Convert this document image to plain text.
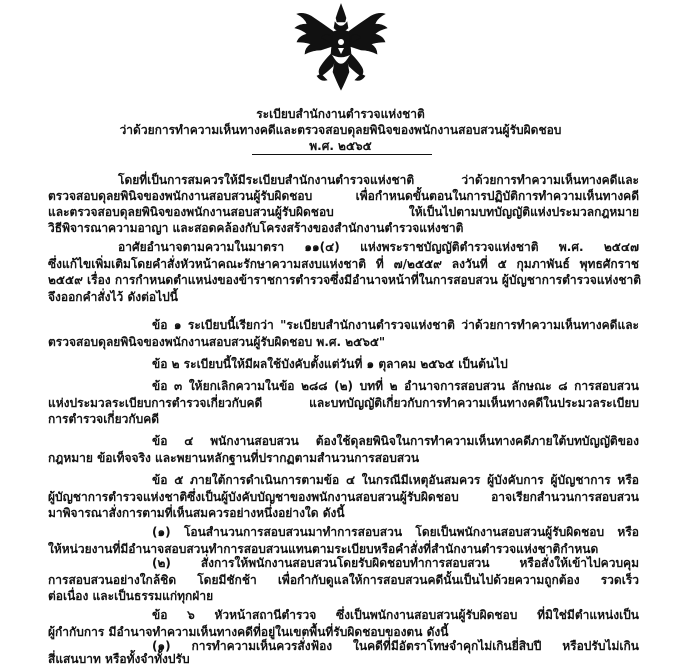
ระเบียบสำนักงานตำรวจแห่งชาติ
ว่าด้วยการทำความเห็นทางคดีและตรวจสอบดุลยพินิจของพนักงานสอบสวนผู้รับผิดชอบ
พ.ศ. ๒๕๖๕
โดยที่เป็นการสมควรให้มีระเบียบสำนักงานตำรวจแห่งชาติ ว่าด้วยการทำความเห็นทางคดีและ
ตรวจสอบดุลยพินิจของพนักงานสอบสวนผู้รับผิดชอบ เพื่อกำหนดขั้นตอนในการปฏิบัติการทำความเห็นทางคดี
และตรวจสอบดุลยพินิจของพนักงานสอบสวนผู้รับผิดชอบ ให้เป็นไปตามบทบัญญัติแห่งประมวลกฎหมาย
วิธีพิจารณาความอาญา และสอดคล้องกับโครงสร้างของสำนักงานตำรวจแห่งชาติ
อาศัยอำนาจตามความในมาตรา ๑๑(๔) แห่งพระราชบัญญัติตำรวจแห่งชาติ พ.ศ. ๒๕๔๗
ซึ่งแก้ไขเพิ่มเติมโดยคำสั่งหัวหน้าคณะรักษาความสงบแห่งชาติ ที่ ๗/๒๕๕๙ ลงวันที่ ๕ กุมภาพันธ์ พุทธศักราช
๒๕๕๙ เรื่อง การกำหนดตำแหน่งของข้าราชการตำรวจซึ่งมีอำนาจหน้าที่ในการสอบสวน ผู้บัญชาการตำรวจแห่งชาติ
จึงออกคำสั่งไว้ ดังต่อไปนี้
ข้อ ๑ ระเบียบนี้เรียกว่า "ระเบียบสำนักงานตำรวจแห่งชาติ ว่าด้วยการทำความเห็นทางคดีและ
ตรวจสอบดุลยพินิจของพนักงานสอบสวนผู้รับผิดชอบ พ.ศ. ๒๕๖๕"
ข้อ ๒ ระเบียบนี้ให้มีผลใช้บังคับตั้งแต่วันที่ ๑ ตุลาคม ๒๕๖๕ เป็นต้นไป
ข้อ ๓ ให้ยกเลิกความในข้อ ๒๘๘ (๒) บทที่ ๒ อำนาจการสอบสวน ลักษณะ ๘ การสอบสวน
แห่งประมวลระเบียบการตำรวจเกี่ยวกับคดี และบทบัญญัติเกี่ยวกับการทำความเห็นทางคดีในประมวลระเบียบ
การตำรวจเกี่ยวกับคดี
ข้อ ๔ พนักงานสอบสวน ต้องใช้ดุลยพินิจในการทำความเห็นทางคดีภายใต้บทบัญญัติของ
กฎหมาย ข้อเท็จจริง และพยานหลักฐานที่ปรากฏตามสำนวนการสอบสวน
ข้อ ๕ ภายใต้การดำเนินการตามข้อ ๔ ในกรณีมีเหตุอันสมควร ผู้บังคับการ ผู้บัญชาการ หรือ
ผู้บัญชาการตำรวจแห่งชาติซึ่งเป็นผู้บังคับบัญชาของพนักงานสอบสวนผู้รับผิดชอบ อาจเรียกสำนวนการสอบสวน
มาพิจารณาสั่งการตามที่เห็นสมควรอย่างหนึ่งอย่างใด ดังนี้
(๑) โอนสำนวนการสอบสวนมาทำการสอบสวน โดยเป็นพนักงานสอบสวนผู้รับผิดชอบ หรือ
ให้หน่วยงานที่มีอำนาจสอบสวนทำการสอบสวนแทนตามระเบียบหรือคำสั่งที่สำนักงานตำรวจแห่งชาติกำหนด
(๒) สั่งการให้พนักงานสอบสวนโดยรับผิดชอบทำการสอบสวน หรือสั่งให้เข้าไปควบคุม
การสอบสวนอย่างใกล้ชิด โดยมีชักช้า เพื่อกำกับดูแลให้การสอบสวนคดีนั้นเป็นไปด้วยความถูกต้อง รวดเร็ว
ต่อเนื่อง และเป็นธรรมแก่ทุกฝ่าย
ข้อ ๖ หัวหน้าสถานีตำรวจ ซึ่งเป็นพนักงานสอบสวนผู้รับผิดชอบ ที่มิใช่มีตำแหน่งเป็น
ผู้กำกับการ มีอำนาจทำความเห็นทางคดีที่อยู่ในเขตพื้นที่รับผิดชอบของตน ดังนี้
(๑) การทำความเห็นควรสั่งฟ้อง ในคดีที่มีอัตราโทษจำคุกไม่เกินยี่สิบปี หรือปรับไม่เกิน
สี่แสนบาท หรือทั้งจำทั้งปรับ
